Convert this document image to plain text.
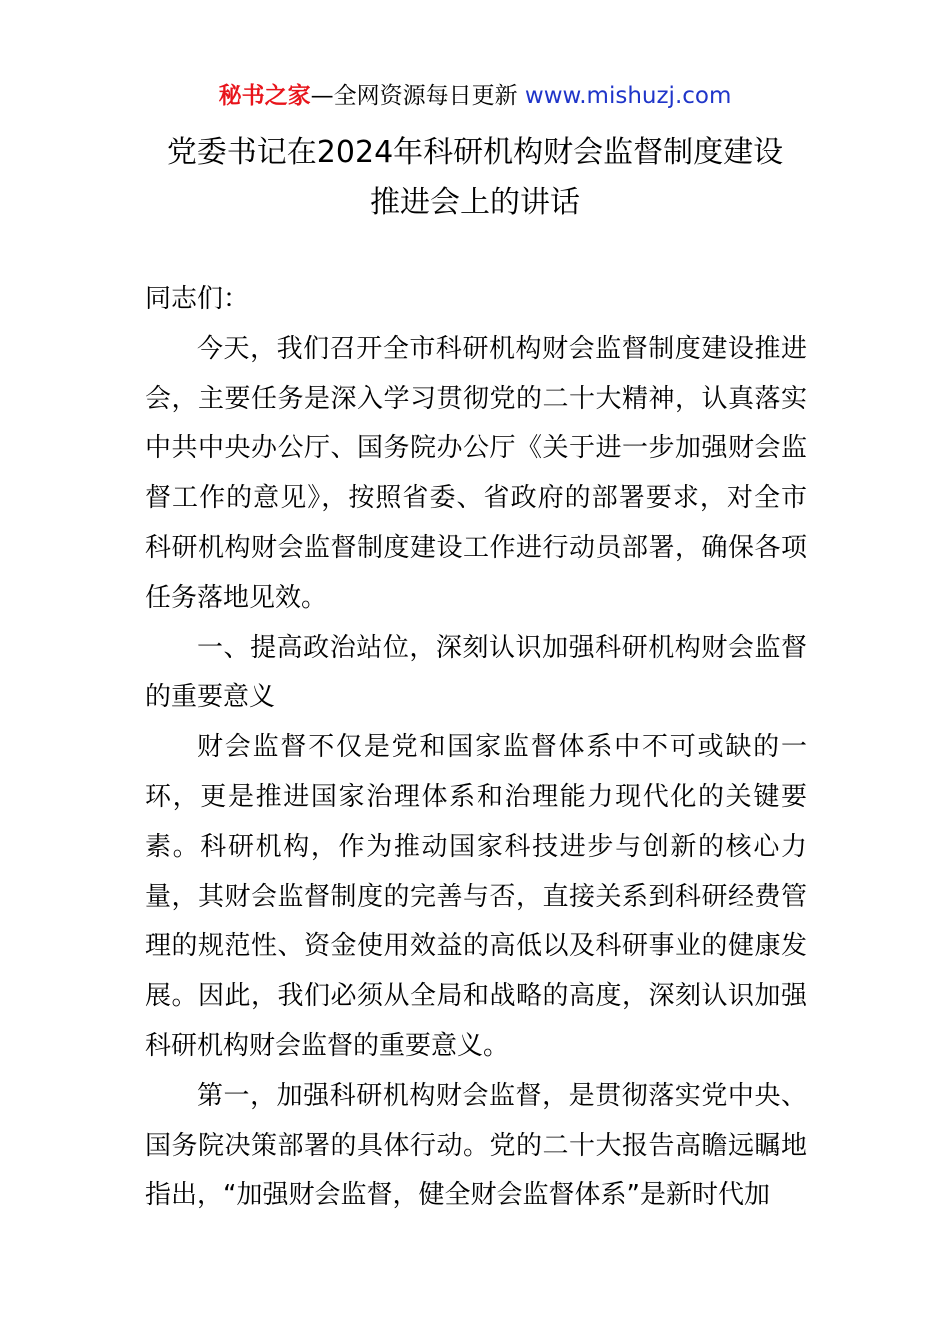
秘书之家—全网资源每日更新 www.mishuzj.com
党委书记在2024年科研机构财会监督制度建设
推进会上的讲话

同志们：

今天，我们召开全市科研机构财会监督制度建设推进会，主要任务是深入学习贯彻党的二十大精神，认真落实中共中央办公厅、国务院办公厅《关于进一步加强财会监督工作的意见》，按照省委、省政府的部署要求，对全市科研机构财会监督制度建设工作进行动员部署，确保各项任务落地见效。

一、提高政治站位，深刻认识加强科研机构财会监督的重要意义

财会监督不仅是党和国家监督体系中不可或缺的一环，更是推进国家治理体系和治理能力现代化的关键要素。科研机构，作为推动国家科技进步与创新的核心力量，其财会监督制度的完善与否，直接关系到科研经费管理的规范性、资金使用效益的高低以及科研事业的健康发展。因此，我们必须从全局和战略的高度，深刻认识加强科研机构财会监督的重要意义。

第一，加强科研机构财会监督，是贯彻落实党中央、国务院决策部署的具体行动。党的二十大报告高瞻远瞩地指出，“加强财会监督，健全财会监督体系”是新时代加
